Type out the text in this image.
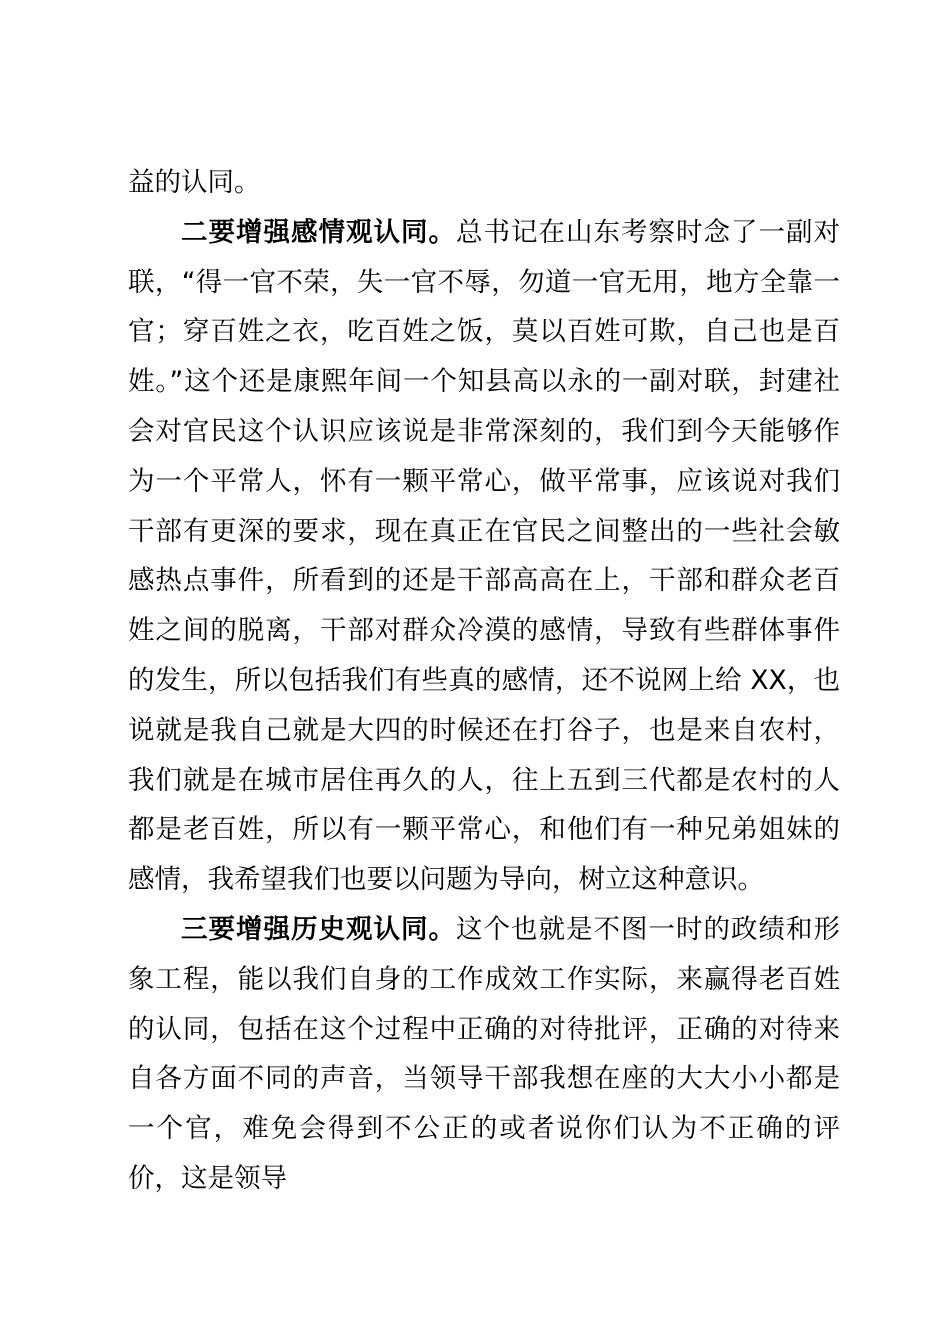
益的认同。

二要增强感情观认同。总书记在山东考察时念了一副对联，“得一官不荣，失一官不辱，勿道一官无用，地方全靠一官；穿百姓之衣，吃百姓之饭，莫以百姓可欺，自己也是百姓。”这个还是康熙年间一个知县高以永的一副对联，封建社会对官民这个认识应该说是非常深刻的，我们到今天能够作为一个平常人，怀有一颗平常心，做平常事，应该说对我们干部有更深的要求，现在真正在官民之间整出的一些社会敏感热点事件，所看到的还是干部高高在上，干部和群众老百姓之间的脱离，干部对群众冷漠的感情，导致有些群体事件的发生，所以包括我们有些真的感情，还不说网上给 XX，也说就是我自己就是大四的时候还在打谷子，也是来自农村，我们就是在城市居住再久的人，往上五到三代都是农村的人都是老百姓，所以有一颗平常心，和他们有一种兄弟姐妹的感情，我希望我们也要以问题为导向，树立这种意识。

三要增强历史观认同。这个也就是不图一时的政绩和形象工程，能以我们自身的工作成效工作实际，来赢得老百姓的认同，包括在这个过程中正确的对待批评，正确的对待来自各方面不同的声音，当领导干部我想在座的大大小小都是一个官，难免会得到不公正的或者说你们认为不正确的评价，这是领导
